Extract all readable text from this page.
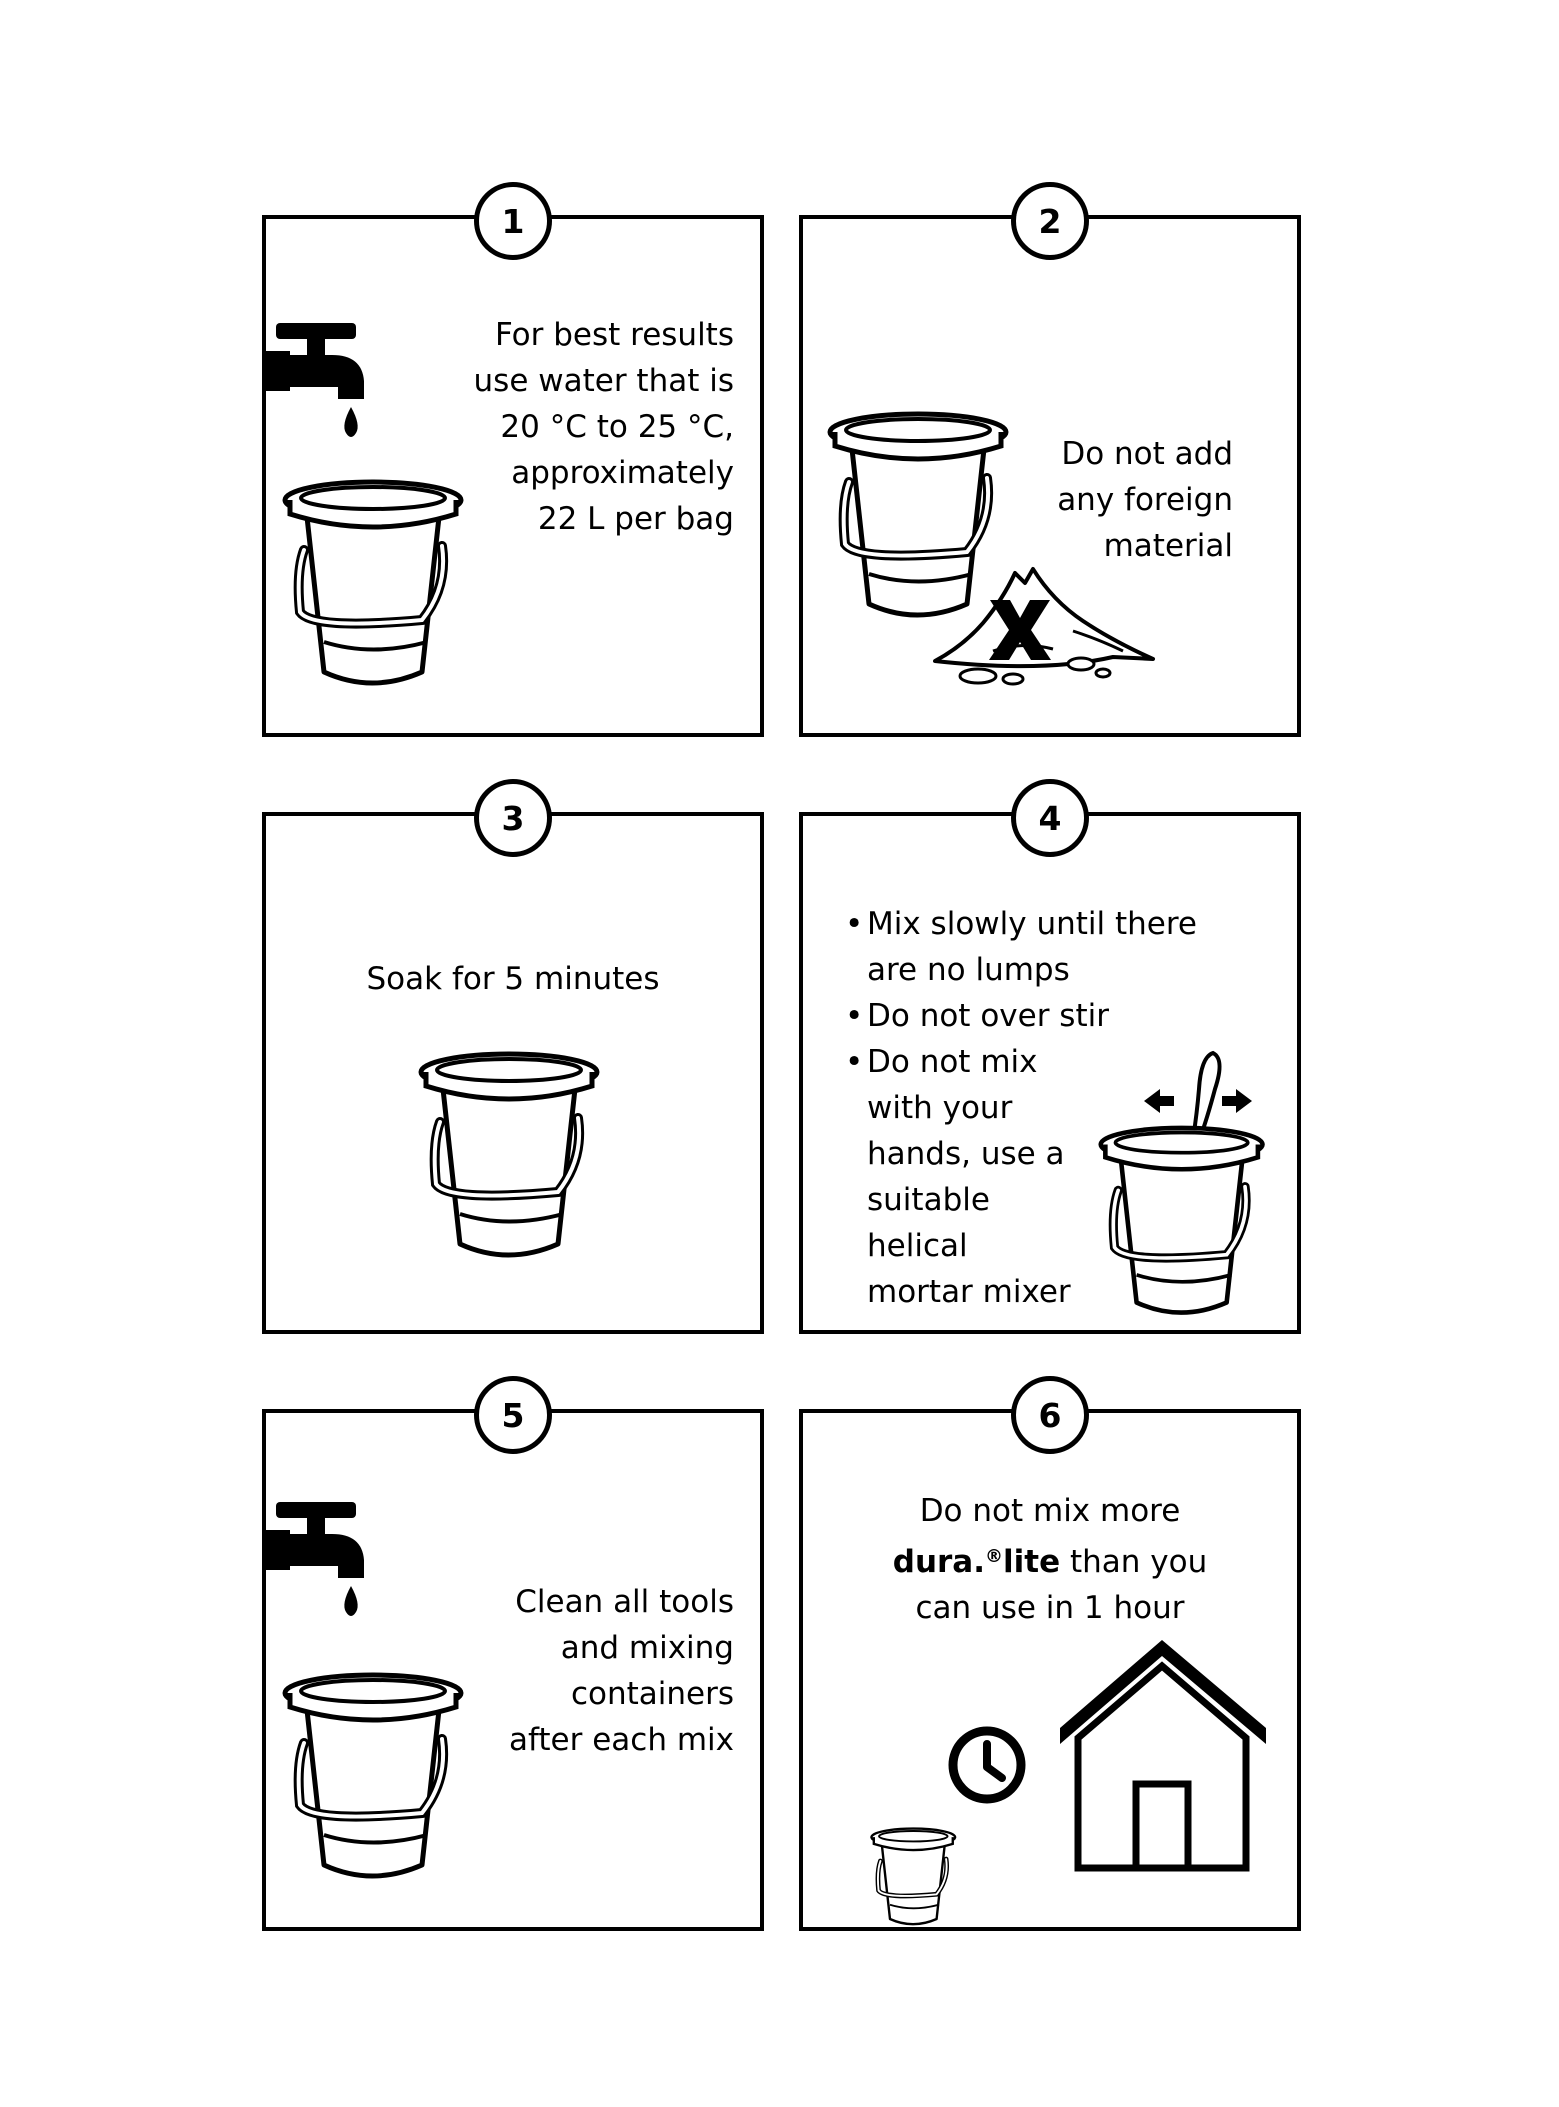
1
For best results use water that is 20 °C to 25 °C, approximately 22 L per bag
2
Do not add any foreign material
3
Soak for 5 minutes
4
• Mix slowly until there are no lumps
• Do not over stir
• Do not mix with your hands, use a suitable helical mortar mixer
5
Clean all tools and mixing containers after each mix
6
Do not mix more dura.®lite than you can use in 1 hour
